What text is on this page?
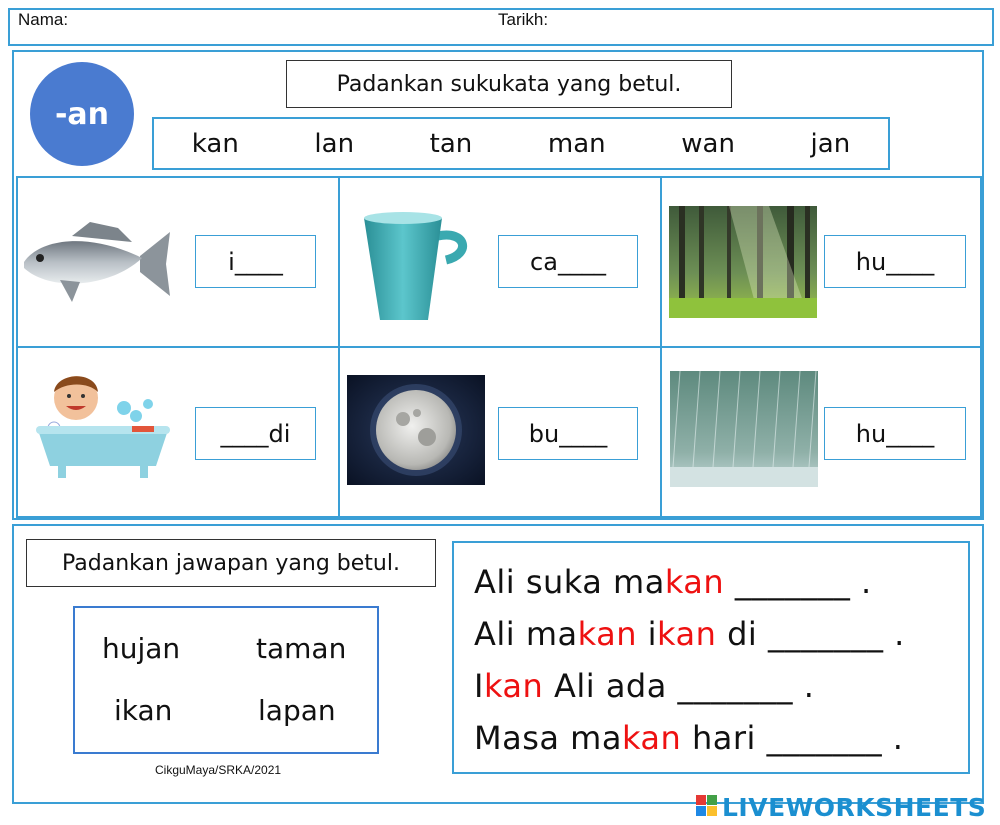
Nama:	Tarikh:
-an
Padankan sukukata yang betul.
kan	lan	tan	man	wan	jan
i____	ca____	hu____
____di	bu____	hu____
Padankan jawapan yang betul.
hujan	taman
ikan	lapan
CikguMaya/SRKA/2021
Ali suka makan _______ .
Ali makan ikan di _______ .
Ikan Ali ada _______ .
Masa makan hari _______ .
LIVEWORKSHEETS
